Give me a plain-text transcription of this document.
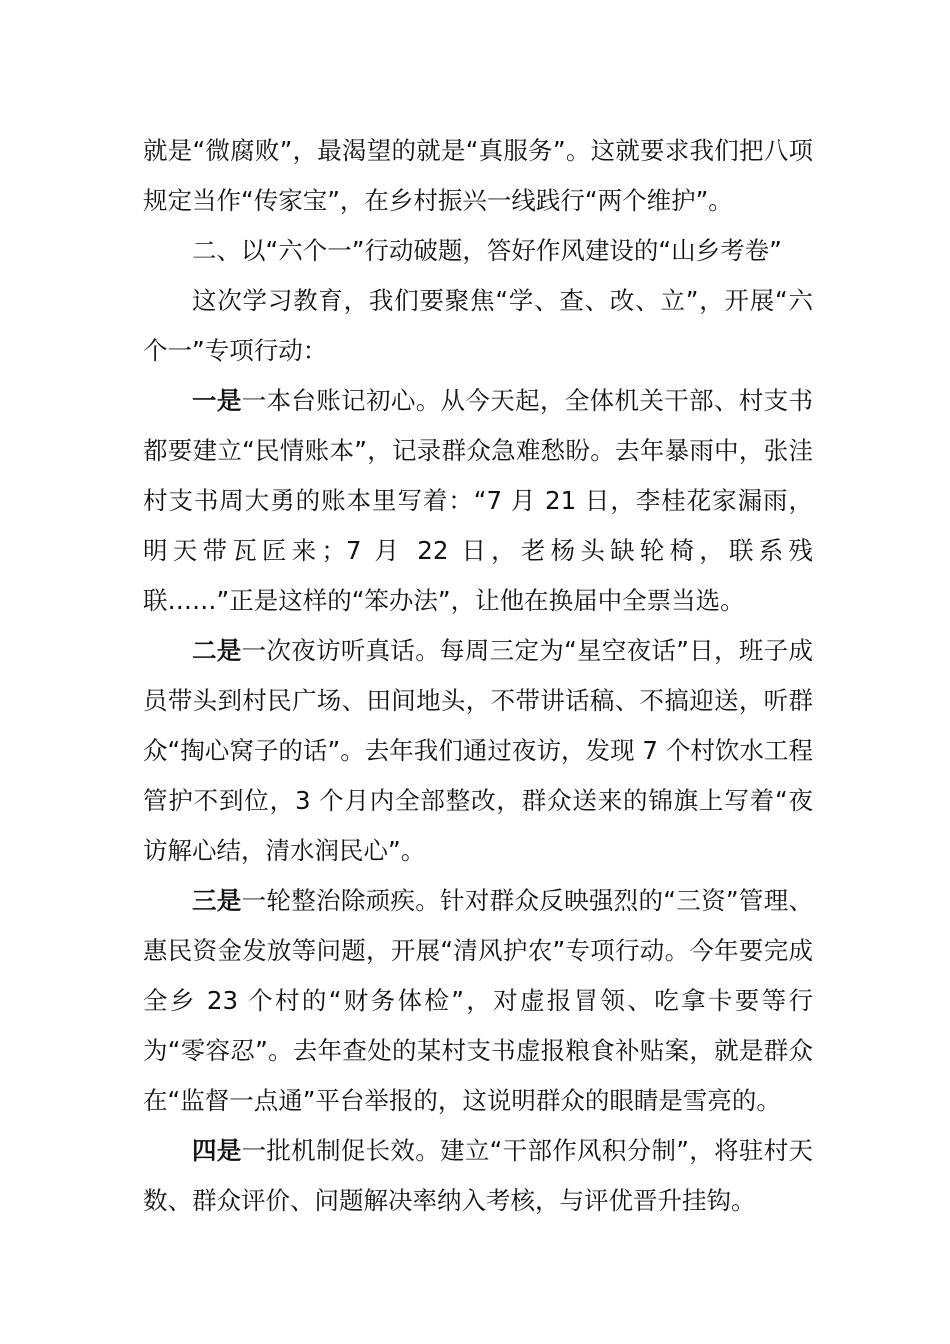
就是“微腐败”，最渴望的就是“真服务”。这就要求我们把八项规定当作“传家宝”，在乡村振兴一线践行“两个维护”。

二、以“六个一”行动破题，答好作风建设的“山乡考卷”

这次学习教育，我们要聚焦“学、查、改、立”，开展“六个一”专项行动：

一是一本台账记初心。从今天起，全体机关干部、村支书都要建立“民情账本”，记录群众急难愁盼。去年暴雨中，张洼村支书周大勇的账本里写着：“7 月 21 日，李桂花家漏雨，明天带瓦匠来；7 月 22 日，老杨头缺轮椅，联系残联……”正是这样的“笨办法”，让他在换届中全票当选。

二是一次夜访听真话。每周三定为“星空夜话”日，班子成员带头到村民广场、田间地头，不带讲话稿、不搞迎送，听群众“掏心窝子的话”。去年我们通过夜访，发现 7 个村饮水工程管护不到位，3 个月内全部整改，群众送来的锦旗上写着“夜访解心结，清水润民心”。

三是一轮整治除顽疾。针对群众反映强烈的“三资”管理、惠民资金发放等问题，开展“清风护农”专项行动。今年要完成全乡 23 个村的“财务体检”，对虚报冒领、吃拿卡要等行为“零容忍”。去年查处的某村支书虚报粮食补贴案，就是群众在“监督一点通”平台举报的，这说明群众的眼睛是雪亮的。

四是一批机制促长效。建立“干部作风积分制”，将驻村天数、群众评价、问题解决率纳入考核，与评优晋升挂钩。
